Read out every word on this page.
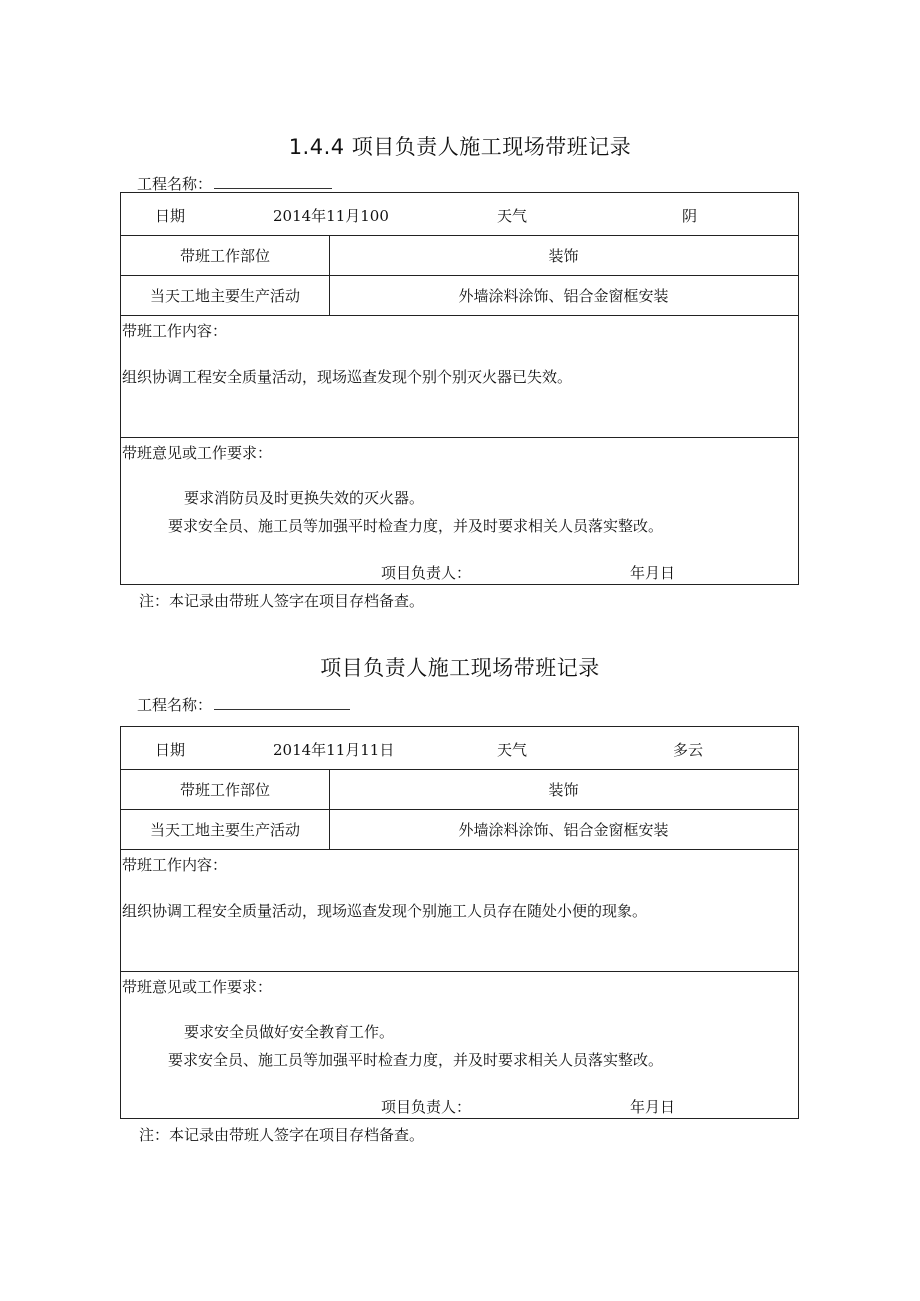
1.4.4 项目负责人施工现场带班记录
工程名称：
日期	2014年11月100	天气	阴
带班工作部位	装饰
当天工地主要生产活动	外墙涂料涂饰、铝合金窗框安装
带班工作内容：
组织协调工程安全质量活动，现场巡查发现个别个别灭火器已失效。
带班意见或工作要求：
要求消防员及时更换失效的灭火器。
要求安全员、施工员等加强平时检查力度，并及时要求相关人员落实整改。
项目负责人：	年月日
注：本记录由带班人签字在项目存档备查。
项目负责人施工现场带班记录
工程名称：
日期	2014年11月11日	天气	多云
带班工作部位	装饰
当天工地主要生产活动	外墙涂料涂饰、铝合金窗框安装
带班工作内容：
组织协调工程安全质量活动，现场巡查发现个别施工人员存在随处小便的现象。
带班意见或工作要求：
要求安全员做好安全教育工作。
要求安全员、施工员等加强平时检查力度，并及时要求相关人员落实整改。
项目负责人：	年月日
注：本记录由带班人签字在项目存档备查。
